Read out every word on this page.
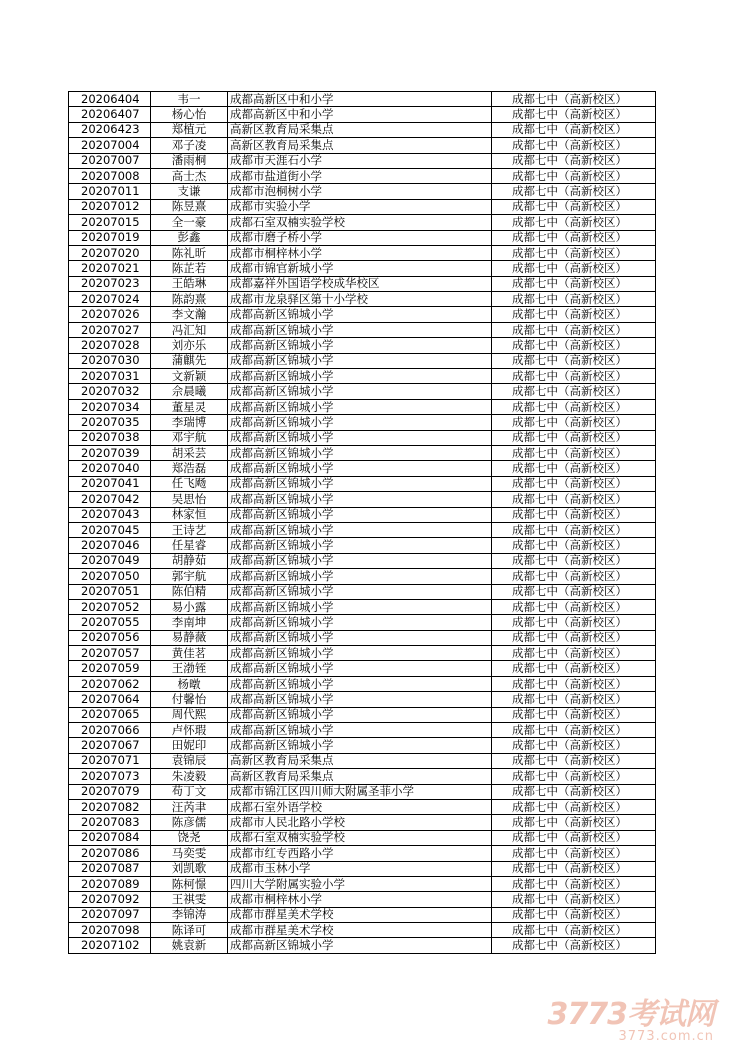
20206404	韦一	成都高新区中和小学	成都七中（高新校区）
20206407	杨心怡	成都高新区中和小学	成都七中（高新校区）
20206423	郑植元	高新区教育局采集点	成都七中（高新校区）
20207004	邓子凌	高新区教育局采集点	成都七中（高新校区）
20207007	潘雨桐	成都市天涯石小学	成都七中（高新校区）
20207008	高士杰	成都市盐道街小学	成都七中（高新校区）
20207011	支谦	成都市泡桐树小学	成都七中（高新校区）
20207012	陈昱熹	成都市实验小学	成都七中（高新校区）
20207015	全一豪	成都石室双楠实验学校	成都七中（高新校区）
20207019	彭鑫	成都市磨子桥小学	成都七中（高新校区）
20207020	陈礼昕	成都市桐梓林小学	成都七中（高新校区）
20207021	陈芷若	成都市锦官新城小学	成都七中（高新校区）
20207023	王皓琳	成都嘉祥外国语学校成华校区	成都七中（高新校区）
20207024	陈韵熹	成都市龙泉驿区第十小学校	成都七中（高新校区）
20207026	李文瀚	成都高新区锦城小学	成都七中（高新校区）
20207027	冯汇知	成都高新区锦城小学	成都七中（高新校区）
20207028	刘亦乐	成都高新区锦城小学	成都七中（高新校区）
20207030	蒲麒先	成都高新区锦城小学	成都七中（高新校区）
20207031	文新颖	成都高新区锦城小学	成都七中（高新校区）
20207032	佘晨曦	成都高新区锦城小学	成都七中（高新校区）
20207034	董星灵	成都高新区锦城小学	成都七中（高新校区）
20207035	李瑞博	成都高新区锦城小学	成都七中（高新校区）
20207038	邓宇航	成都高新区锦城小学	成都七中（高新校区）
20207039	胡采芸	成都高新区锦城小学	成都七中（高新校区）
20207040	郑浩磊	成都高新区锦城小学	成都七中（高新校区）
20207041	任飞飏	成都高新区锦城小学	成都七中（高新校区）
20207042	吴思怡	成都高新区锦城小学	成都七中（高新校区）
20207043	林家恒	成都高新区锦城小学	成都七中（高新校区）
20207045	王诗艺	成都高新区锦城小学	成都七中（高新校区）
20207046	任星睿	成都高新区锦城小学	成都七中（高新校区）
20207049	胡静茹	成都高新区锦城小学	成都七中（高新校区）
20207050	郭宇航	成都高新区锦城小学	成都七中（高新校区）
20207051	陈伯精	成都高新区锦城小学	成都七中（高新校区）
20207052	易小露	成都高新区锦城小学	成都七中（高新校区）
20207055	李南坤	成都高新区锦城小学	成都七中（高新校区）
20207056	易静薇	成都高新区锦城小学	成都七中（高新校区）
20207057	黄佳茗	成都高新区锦城小学	成都七中（高新校区）
20207059	王渤铚	成都高新区锦城小学	成都七中（高新校区）
20207062	杨暾	成都高新区锦城小学	成都七中（高新校区）
20207064	付馨怡	成都高新区锦城小学	成都七中（高新校区）
20207065	周代熙	成都高新区锦城小学	成都七中（高新校区）
20207066	卢怀瑕	成都高新区锦城小学	成都七中（高新校区）
20207067	田妮印	成都高新区锦城小学	成都七中（高新校区）
20207071	袁锦辰	高新区教育局采集点	成都七中（高新校区）
20207073	朱凌毅	高新区教育局采集点	成都七中（高新校区）
20207079	苟丁文	成都市锦江区四川师大附属圣菲小学	成都七中（高新校区）
20207082	汪芮聿	成都石室外语学校	成都七中（高新校区）
20207083	陈彦儒	成都市人民北路小学校	成都七中（高新校区）
20207084	饶尧	成都石室双楠实验学校	成都七中（高新校区）
20207086	马奕雯	成都市红专西路小学	成都七中（高新校区）
20207087	刘凯歌	成都市玉林小学	成都七中（高新校区）
20207089	陈柯憬	四川大学附属实验小学	成都七中（高新校区）
20207092	王祺雯	成都市桐梓林小学	成都七中（高新校区）
20207097	李锦涛	成都市群星美术学校	成都七中（高新校区）
20207098	陈译可	成都市群星美术学校	成都七中（高新校区）
20207102	姚袁新	成都高新区锦城小学	成都七中（高新校区）
3773考试网
3773.com.cn
